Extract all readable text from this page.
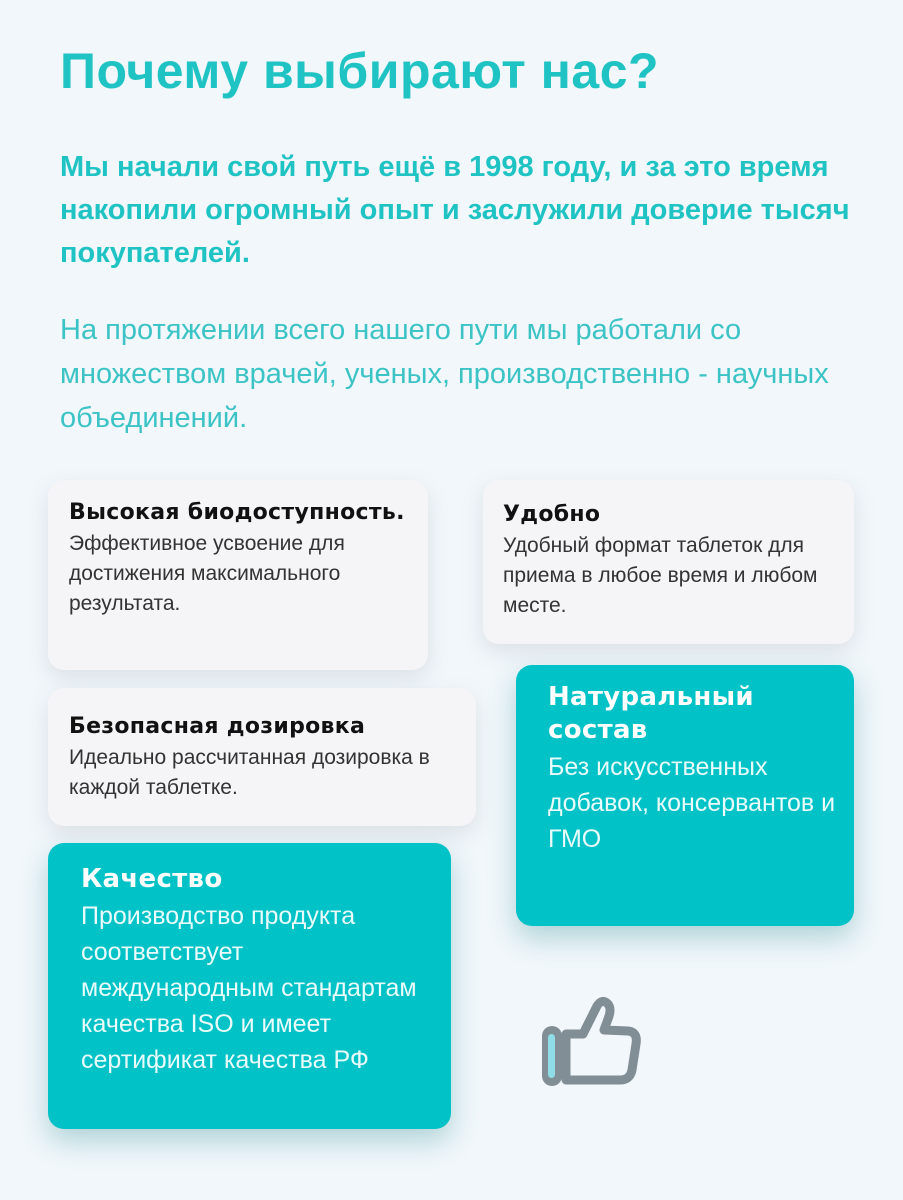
Почему выбирают нас?
Мы начали свой путь ещё в 1998 году, и за это время накопили огромный опыт и заслужили доверие тысяч покупателей.
На протяжении всего нашего пути мы работали со множеством врачей, ученых, производственно - научных объединений.
Высокая биодоступность.

Эффективное усвоение для достижения максимального результата.

Удобно

Удобный формат таблеток для приема в любое время и любом месте.

Безопасная дозировка

Идеально рассчитанная дозировка в каждой таблетке.

Натуральный состав

Без искусственных добавок, консервантов и ГМО

Качество

Производство продукта соответствует международным стандартам качества ISO и имеет сертификат качества РФ
